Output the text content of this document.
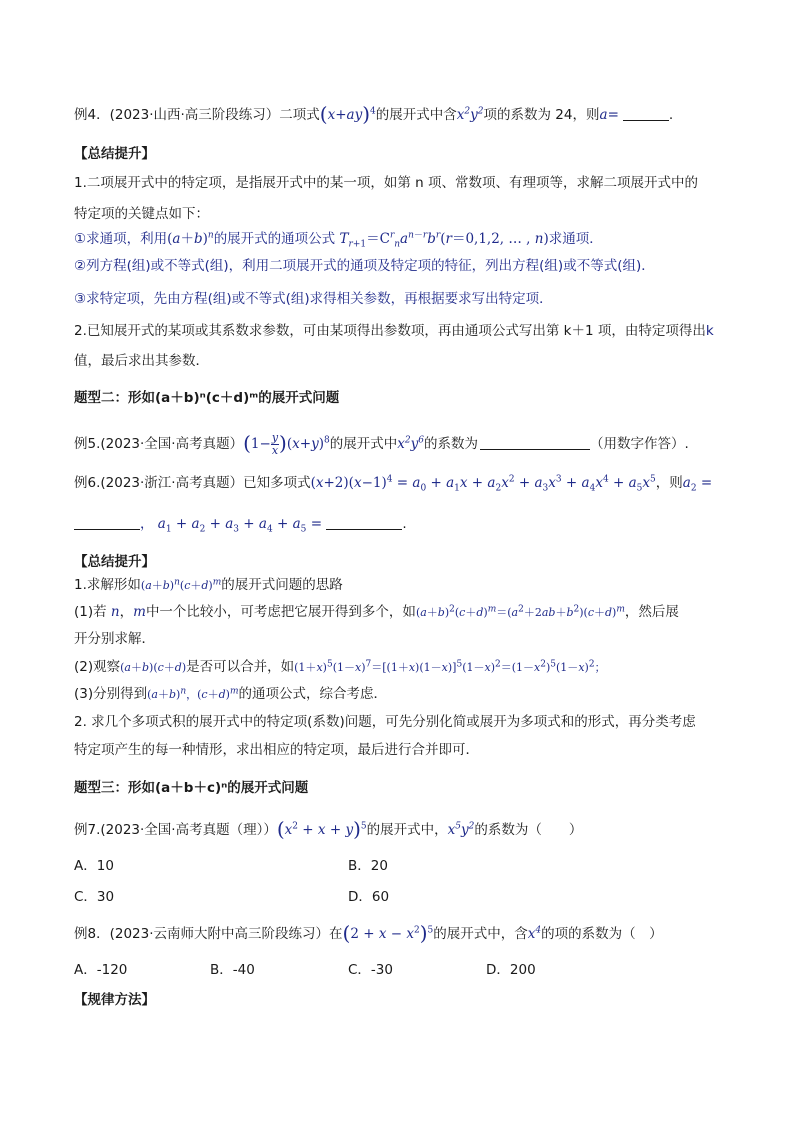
例4．(2023·山西·高三阶段练习）二项式$(x+ay)^4$的展开式中含$x^2y^2$项的系数为 24，则a=	.
【总结提升】
1.二项展开式中的特定项，是指展开式中的某一项，如第 n 项、常数项、有理项等，求解二项展开式中的
特定项的关键点如下：
①求通项，利用$(a+b)^n$的展开式的通项公式 $T_{r+1}=C^r_na^{n-r}b^r(r=0,1,2$, … , n)求通项．
②列方程(组)或不等式(组)，利用二项展开式的通项及特定项的特征，列出方程(组)或不等式(组)．
③求特定项，先由方程(组)或不等式(组)求得相关参数，再根据要求写出特定项．
2.已知展开式的某项或其系数求参数，可由某项得出参数项，再由通项公式写出第 k＋1 项，由特定项得出k
值，最后求出其参数．
题型二：形如(a＋b)ⁿ(c＋d)ᵐ的展开式问题
例5.(2023·全国·高考真题）$(1- \frac{y}{x} )(x+y)^8$的展开式中$x^2y^6$的系数为	（用数字作答）.
例6.(2023·浙江·高考真题）已知多项式$(x+2)(x-1)^4 = a_0 + a_1x + a_2x^2 + a_3x^3 + a_4x^4 + a_5x^5$，则$a_2$ =
， $a_1 + a_2 + a_3 + a_4 + a_5$ =	.
【总结提升】
1.求解形如$(a+b)^n(c+d)^m$的展开式问题的思路
(1)若 n，m中一个比较小，可考虑把它展开得到多个，如$(a+b)^2(c+d)^m=(a^2+2ab+b^2)(c+d)^m$，然后展
开分别求解．
(2)观察(a＋b)(c＋d)是否可以合并，如$(1+x)^5(1-x)^7=[(1+x)(1-x)]^5(1-x)^2=(1-x^2)^5(1-x)^2$；
(3)分别得到$(a+b)^n$，$(c+d)^m$的通项公式，综合考虑．
2. 求几个多项式积的展开式中的特定项(系数)问题，可先分别化简或展开为多项式和的形式，再分类考虑
特定项产生的每一种情形，求出相应的特定项，最后进行合并即可．
题型三：形如(a＋b＋c)ⁿ的展开式问题
例7.(2023·全国·高考真题（理））$(x^2 + x + y)^5$的展开式中，$x^5y^2$的系数为（　　）
A．10	B．20
C．30	D．60
例8．(2023·云南师大附中高三阶段练习）在$(2 + x - x^2)^5$的展开式中，含$x^4$的项的系数为（　）
A．-120	B．-40	C．-30	D．200
【规律方法】
